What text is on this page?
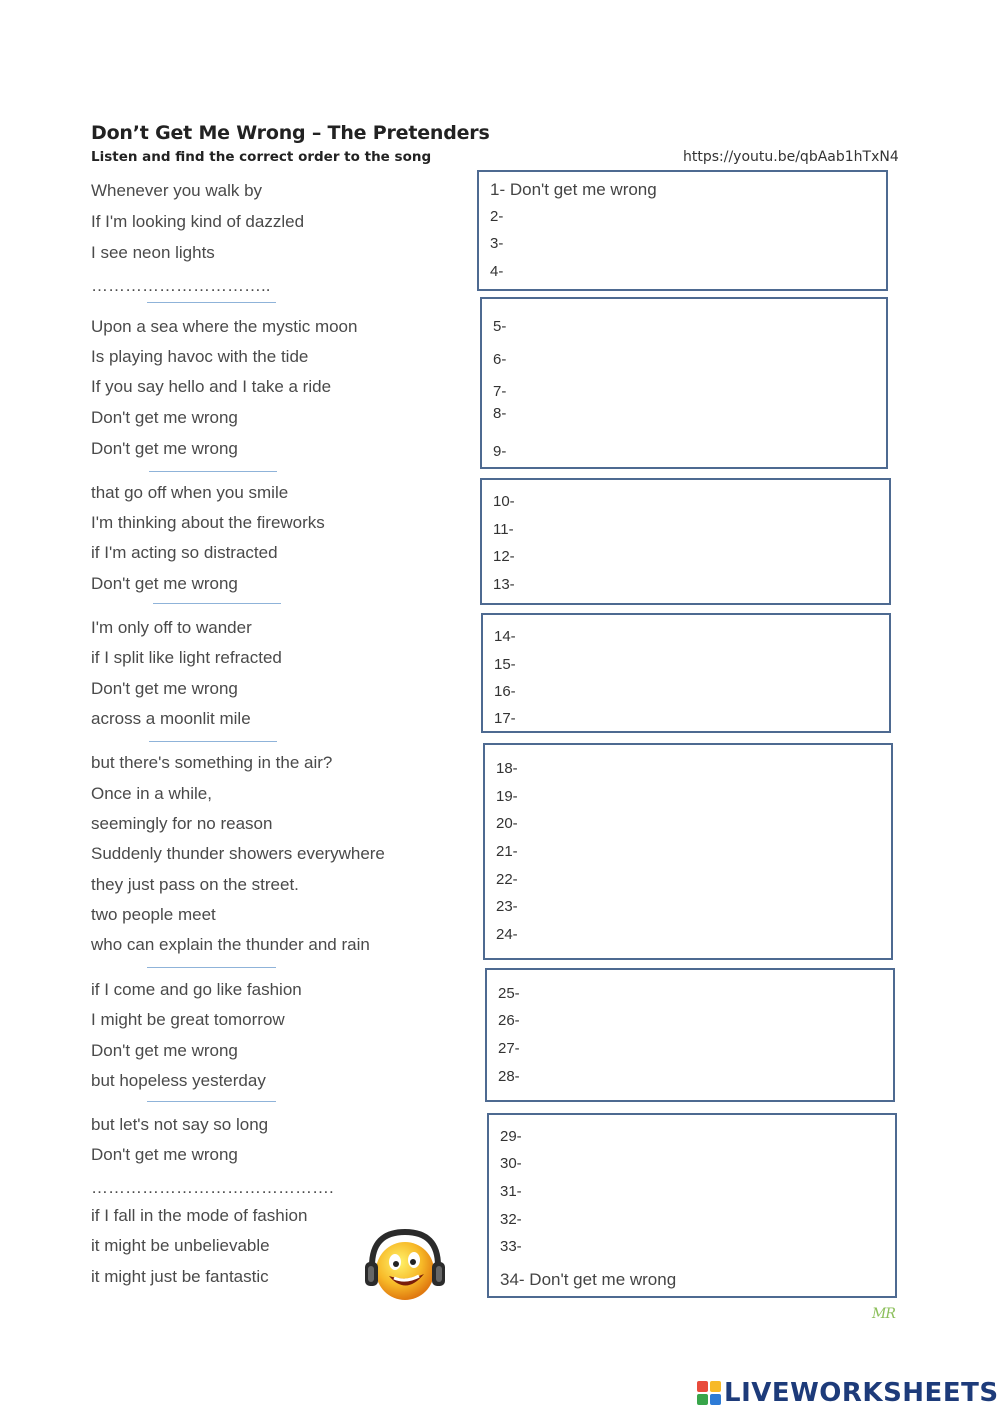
Don’t Get Me Wrong – The Pretenders
Listen and find the correct order to the song	https://youtu.be/qbAab1hTxN4
Whenever you walk by
If I'm looking kind of dazzled
I see neon lights
…………………………..
Upon a sea where the mystic moon
Is playing havoc with the tide
If you say hello and I take a ride
Don't get me wrong
Don't get me wrong
that go off when you smile
I'm thinking about the fireworks
if I'm acting so distracted
Don't get me wrong
I'm only off to wander
if I split like light refracted
Don't get me wrong
across a moonlit mile
but there's something in the air?
Once in a while,
seemingly for no reason
Suddenly thunder showers everywhere
they just pass on the street.
two people meet
who can explain the thunder and rain
if I come and go like fashion
I might be great tomorrow
Don't get me wrong
but hopeless yesterday
but let's not say so long
Don't get me wrong
…………………………………….
if I fall in the mode of fashion
it might be unbelievable
it might just be fantastic
1- Don't get me wrong
2-
3-
4-
5-
6-
7-
8-
9-
10-
11-
12-
13-
14-
15-
16-
17-
18-
19-
20-
21-
22-
23-
24-
25-
26-
27-
28-
29-
30-
31-
32-
33-
34- Don't get me wrong
MR
LIVEWORKSHEETS
